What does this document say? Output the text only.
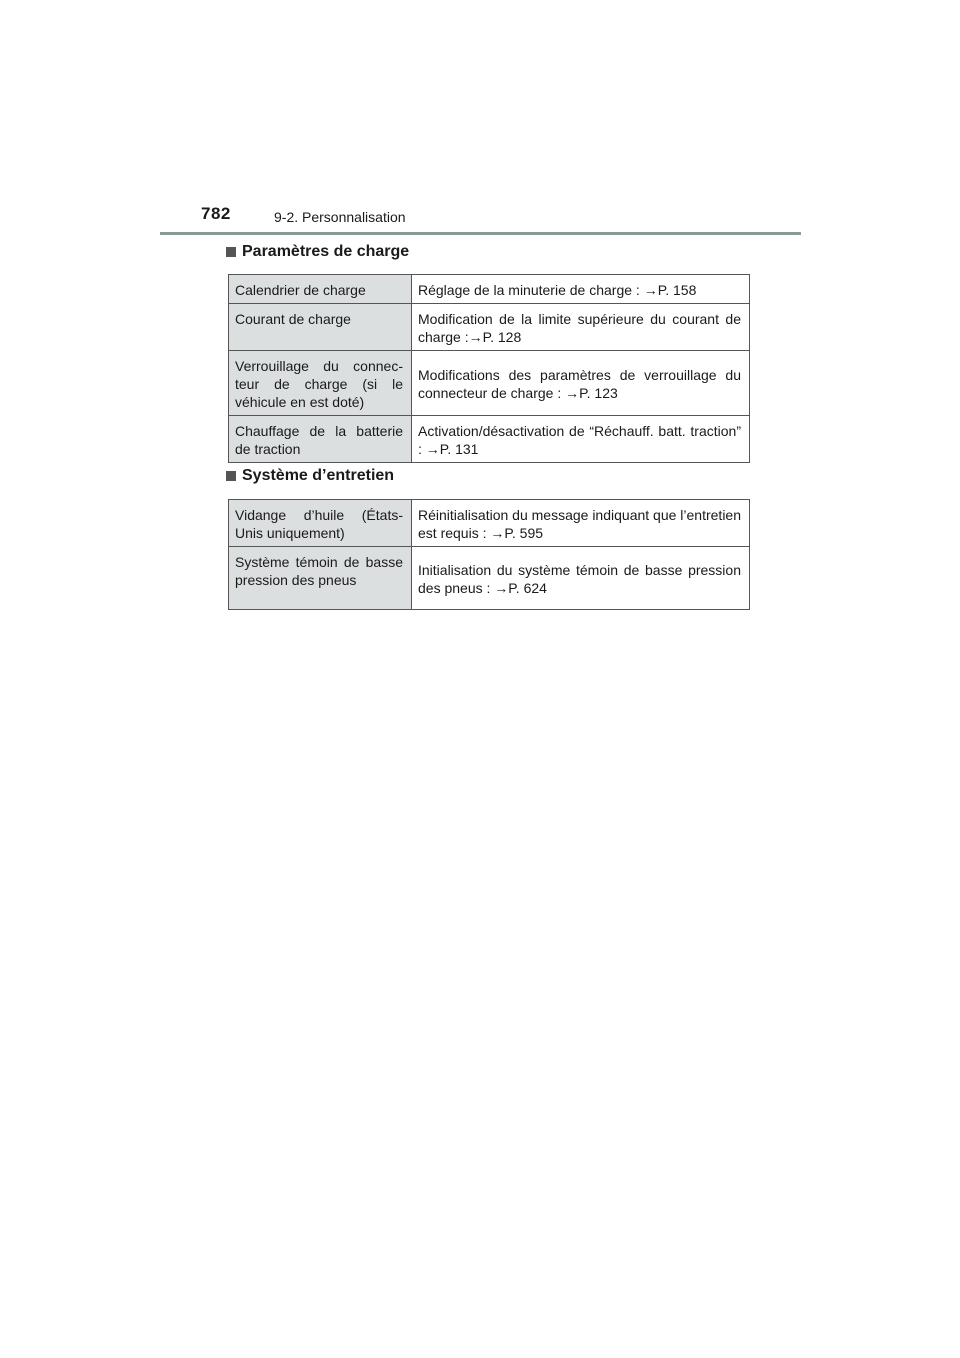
782	9-2. Personnalisation
Paramètres de charge
Calendrier de charge	Réglage de la minuterie de charge : →P. 158
Courant de charge	Modification de la limite supérieure du courant de charge :→P. 128
Verrouillage du connec-teur de charge (si le véhicule en est doté)	Modifications des paramètres de verrouillage du connecteur de charge : →P. 123
Chauffage de la batterie de traction	Activation/désactivation de “Réchauff. batt. traction” : →P. 131
Système d’entretien
Vidange d’huile (États-Unis uniquement)	Réinitialisation du message indiquant que l’entretien est requis : →P. 595
Système témoin de basse pression des pneus	Initialisation du système témoin de basse pression des pneus : →P. 624
